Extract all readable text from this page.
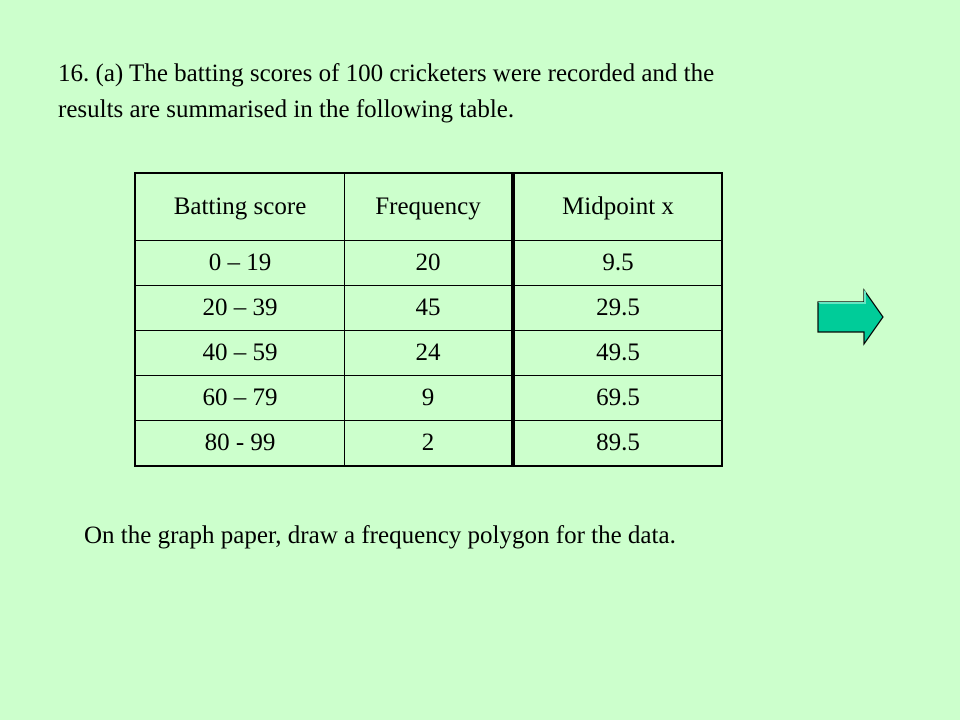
16. (a) The batting scores of 100 cricketers were recorded and the
results are summarised in the following table.
Batting score	Frequency	Midpoint x
0 – 19	20	9.5
20 – 39	45	29.5
40 – 59	24	49.5
60 – 79	9	69.5
80 - 99	2	89.5

On the graph paper, draw a frequency polygon for the data.
